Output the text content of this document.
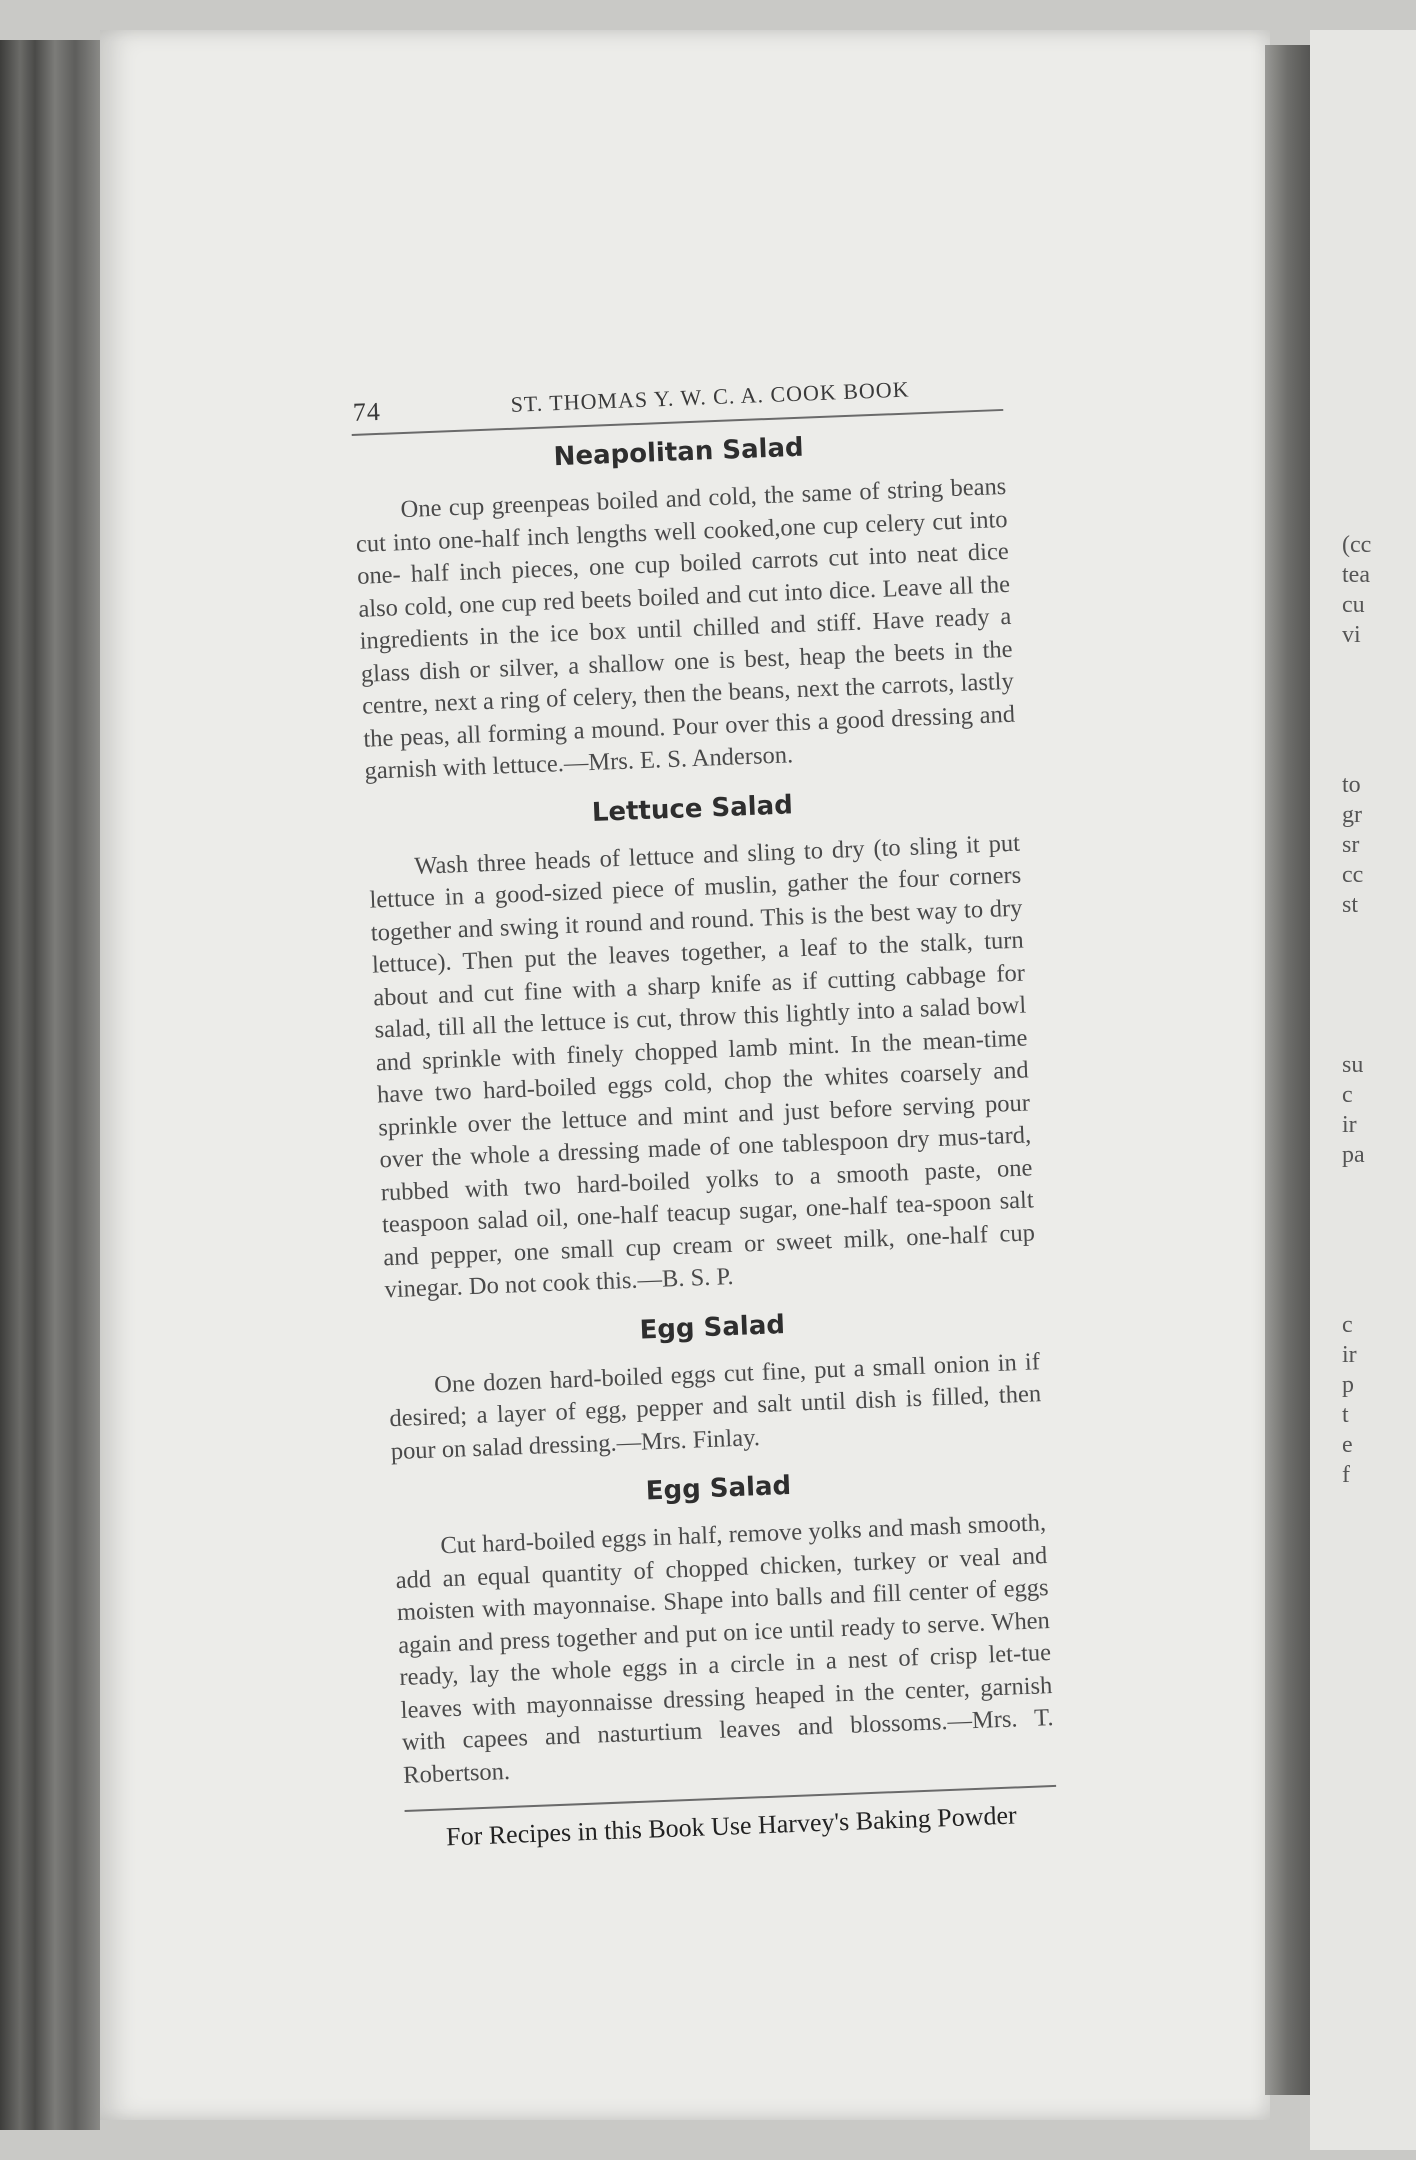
74	ST. THOMAS Y. W. C. A. COOK BOOK
Neapolitan Salad

One cup greenpeas boiled and cold, the same of string beans cut into one-half inch lengths well cooked,one cup celery cut into one- half inch pieces, one cup boiled carrots cut into neat dice also cold, one cup red beets boiled and cut into dice. Leave all the ingredients in the ice box until chilled and stiff. Have ready a glass dish or silver, a shallow one is best, heap the beets in the centre, next a ring of celery, then the beans, next the carrots, lastly the peas, all forming a mound. Pour over this a good dressing and garnish with lettuce.—Mrs. E. S. Anderson.

Lettuce Salad

Wash three heads of lettuce and sling to dry (to sling it put lettuce in a good-sized piece of muslin, gather the four corners together and swing it round and round. This is the best way to dry lettuce). Then put the leaves together, a leaf to the stalk, turn about and cut fine with a sharp knife as if cutting cabbage for salad, till all the lettuce is cut, throw this lightly into a salad bowl and sprinkle with finely chopped lamb mint. In the mean-time have two hard-boiled eggs cold, chop the whites coarsely and sprinkle over the lettuce and mint and just before serving pour over the whole a dressing made of one tablespoon dry mus-tard, rubbed with two hard-boiled yolks to a smooth paste, one teaspoon salad oil, one-half teacup sugar, one-half tea-spoon salt and pepper, one small cup cream or sweet milk, one-half cup vinegar. Do not cook this.—B. S. P.

Egg Salad

One dozen hard-boiled eggs cut fine, put a small onion in if desired; a layer of egg, pepper and salt until dish is filled, then pour on salad dressing.—Mrs. Finlay.

Egg Salad

Cut hard-boiled eggs in half, remove yolks and mash smooth, add an equal quantity of chopped chicken, turkey or veal and moisten with mayonnaise. Shape into balls and fill center of eggs again and press together and put on ice until ready to serve. When ready, lay the whole eggs in a circle in a nest of crisp let-tue leaves with mayonnaisse dressing heaped in the center, garnish with capees and nasturtium leaves and blossoms.—Mrs. T. Robertson.

For Recipes in this Book Use Harvey's Baking Powder
(cc
tea
cu
vi
to
gr
sr
cc
st
su
c
ir
pa
c
ir
p
t
e
f
